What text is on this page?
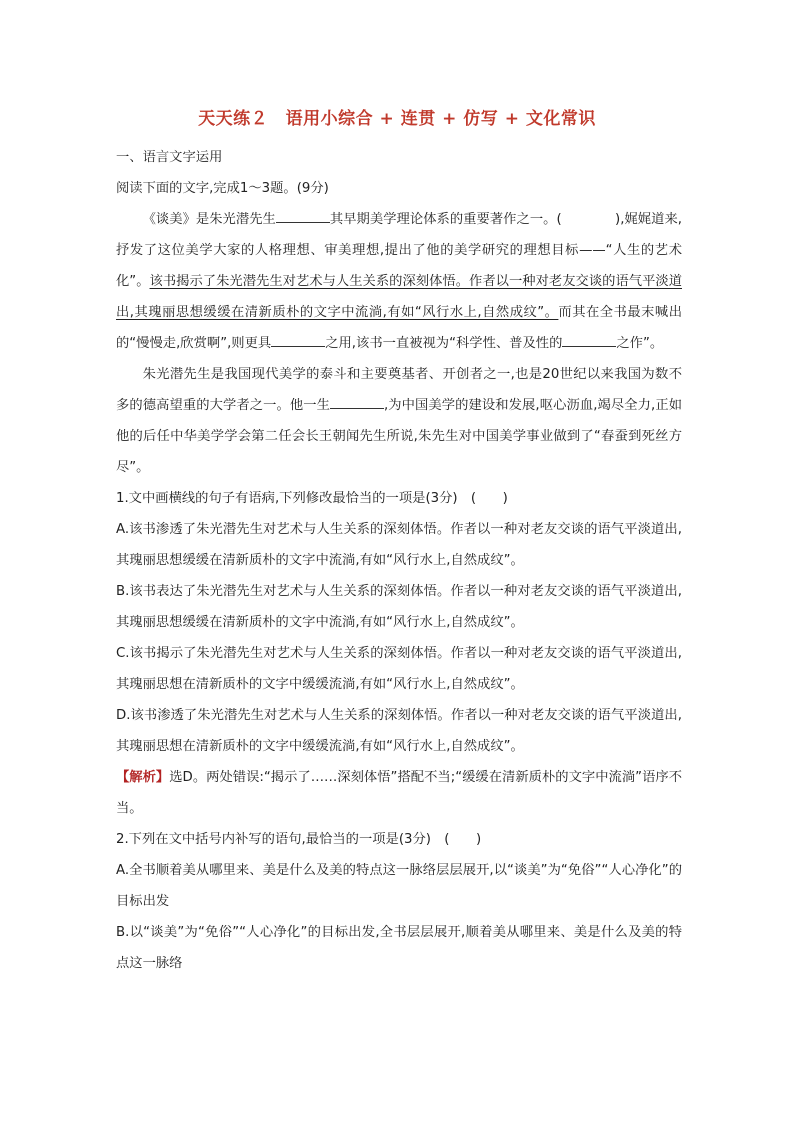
天天练２　语用小综合 + 连贯 + 仿写 + 文化常识

一、语言文字运用

阅读下面的文字,完成1～3题。(9分)

《谈美》是朱光潜先生	其早期美学理论体系的重要著作之一。(　　　　),娓娓道来,抒发了这位美学大家的人格理想、审美理想,提出了他的美学研究的理想目标——“人生的艺术化”。该书揭示了朱光潜先生对艺术与人生关系的深刻体悟。作者以一种对老友交谈的语气平淡道出,其瑰丽思想缓缓在清新质朴的文字中流淌,有如“风行水上,自然成纹”。而其在全书最末喊出的“慢慢走,欣赏啊”,则更具	之用,该书一直被视为“科学性、普及性的	之作”。

朱光潜先生是我国现代美学的泰斗和主要奠基者、开创者之一,也是20世纪以来我国为数不多的德高望重的大学者之一。他一生	,为中国美学的建设和发展,呕心沥血,竭尽全力,正如他的后任中华美学学会第二任会长王朝闻先生所说,朱先生对中国美学事业做到了“春蚕到死丝方尽”。

1.文中画横线的句子有语病,下列修改最恰当的一项是(3分)　(　　)

A.该书渗透了朱光潜先生对艺术与人生关系的深刻体悟。作者以一种对老友交谈的语气平淡道出,其瑰丽思想缓缓在清新质朴的文字中流淌,有如“风行水上,自然成纹”。

B.该书表达了朱光潜先生对艺术与人生关系的深刻体悟。作者以一种对老友交谈的语气平淡道出,其瑰丽思想缓缓在清新质朴的文字中流淌,有如“风行水上,自然成纹”。

C.该书揭示了朱光潜先生对艺术与人生关系的深刻体悟。作者以一种对老友交谈的语气平淡道出,其瑰丽思想在清新质朴的文字中缓缓流淌,有如“风行水上,自然成纹”。

D.该书渗透了朱光潜先生对艺术与人生关系的深刻体悟。作者以一种对老友交谈的语气平淡道出,其瑰丽思想在清新质朴的文字中缓缓流淌,有如“风行水上,自然成纹”。

【解析】选D。两处错误:“揭示了……深刻体悟”搭配不当;“缓缓在清新质朴的文字中流淌”语序不当。

2.下列在文中括号内补写的语句,最恰当的一项是(3分)　(　　)

A.全书顺着美从哪里来、美是什么及美的特点这一脉络层层展开,以“谈美”为“免俗”“人心净化”的目标出发

B.以“谈美”为“免俗”“人心净化”的目标出发,全书层层展开,顺着美从哪里来、美是什么及美的特点这一脉络
